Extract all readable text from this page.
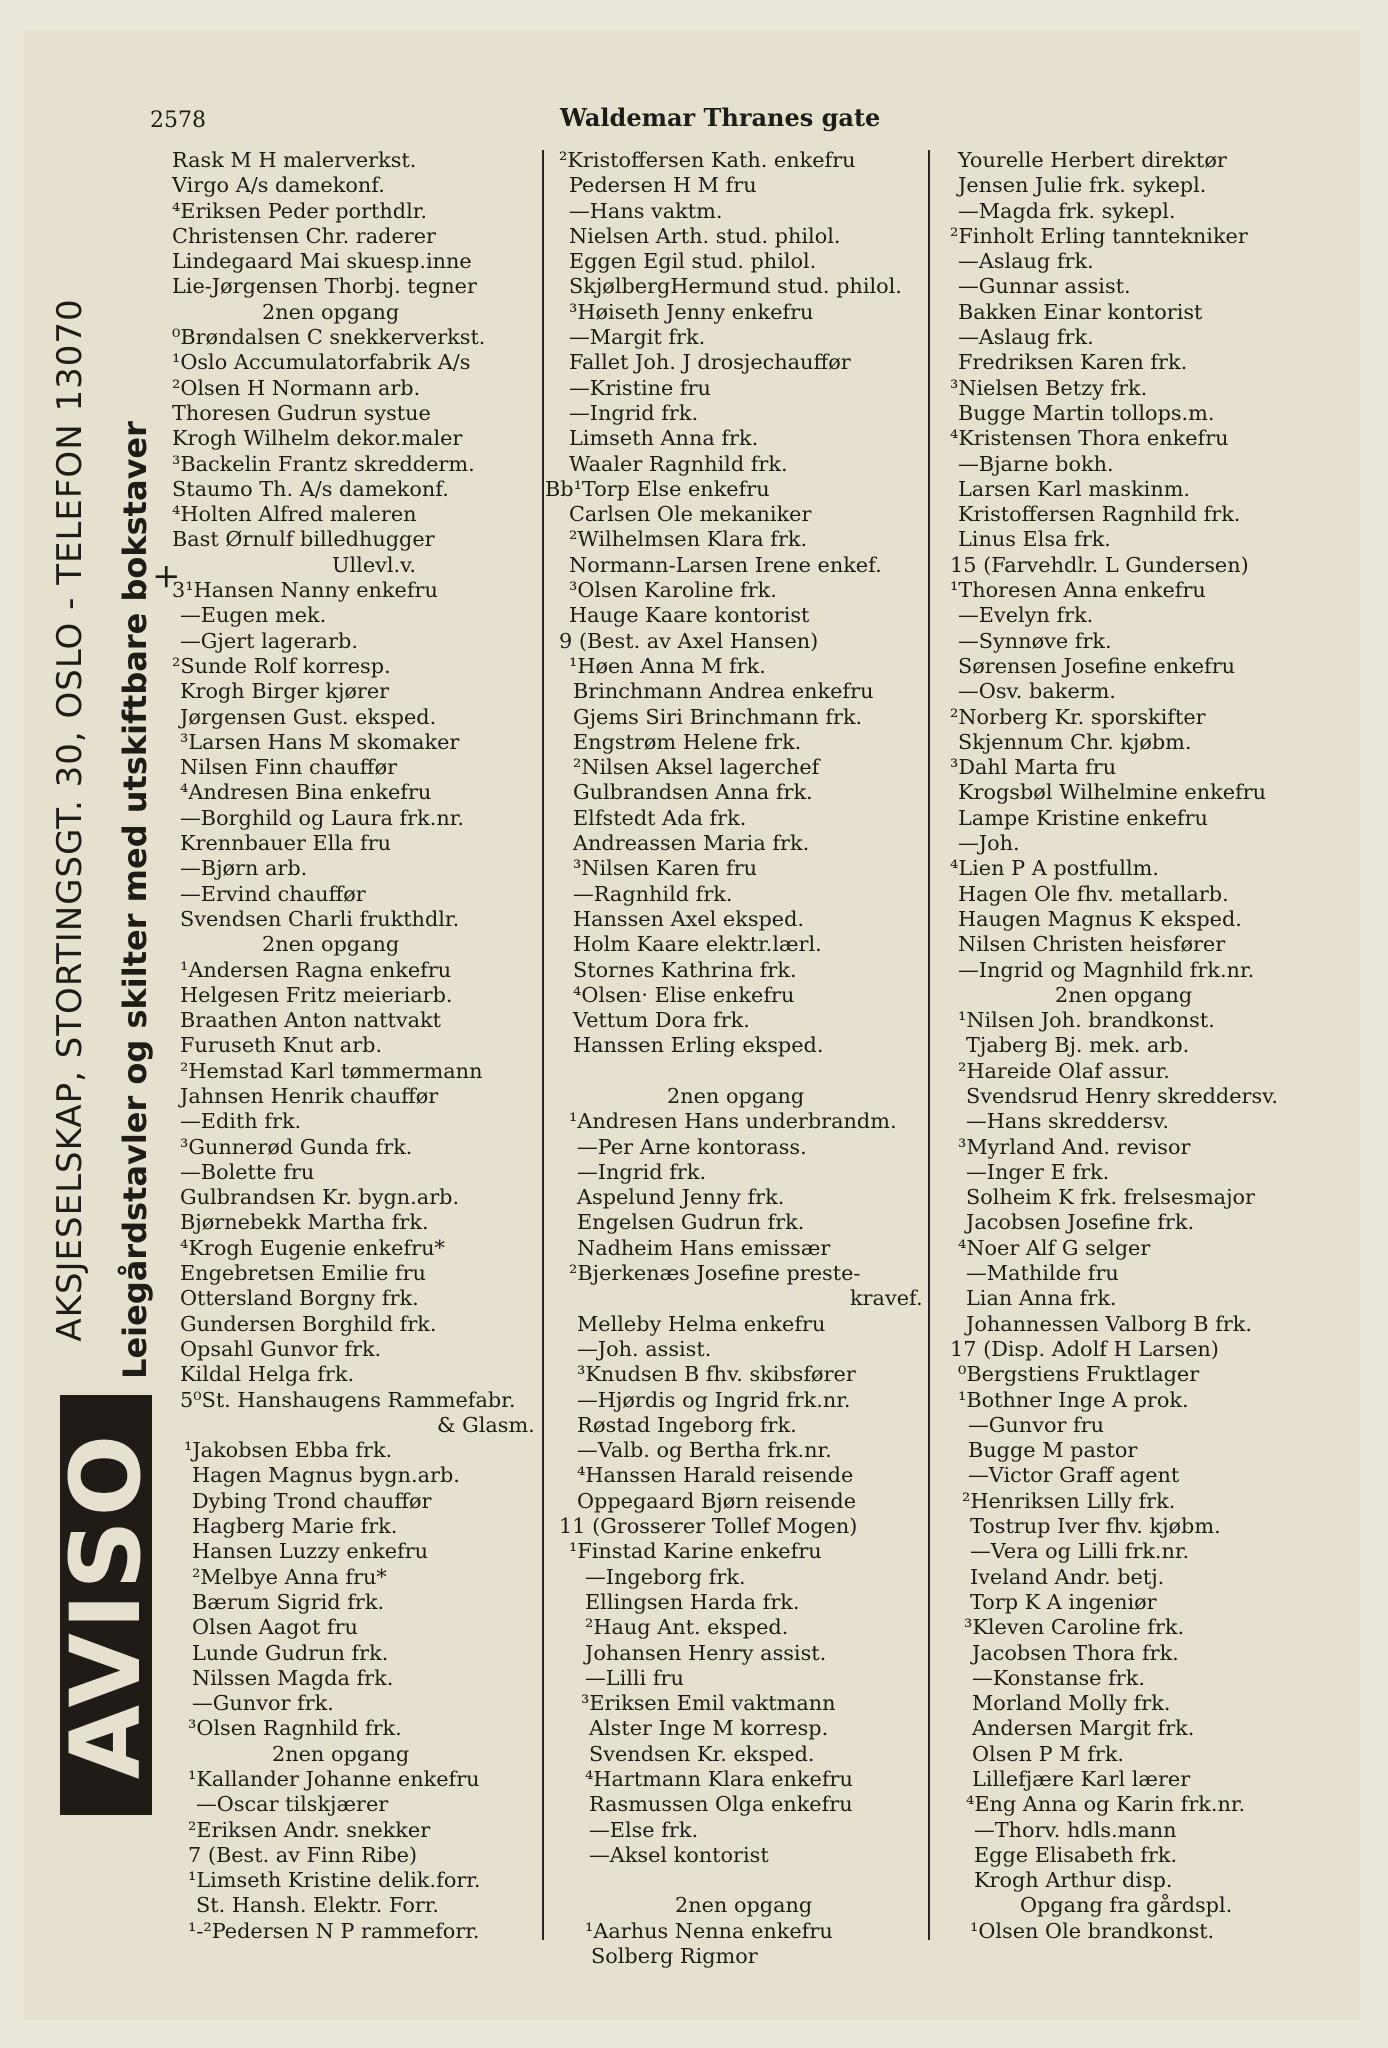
2578	Waldemar Thranes gate
AVISO
AKSJESELSKAP, STORTINGSGT. 30, OSLO - TELEFON 13070 Leiegårdstavler og skilter med utskiftbare bokstaver
+
Rask M H malerverkst.
Virgo A/s damekonf.
⁴Eriksen Peder porthdlr.
Christensen Chr. raderer
Lindegaard Mai skuesp.inne
Lie-Jørgensen Thorbj. tegner
2nen opgang
⁰Brøndalsen C snekkerverkst.
¹Oslo Accumulatorfabrik A/s
²Olsen H Normann arb.
Thoresen Gudrun systue
Krogh Wilhelm dekor.maler
³Backelin Frantz skredderm.
Staumo Th. A/s damekonf.
⁴Holten Alfred maleren
Bast Ørnulf billedhugger
Ullevl.v.
3¹Hansen Nanny enkefru
—Eugen mek.
—Gjert lagerarb.
²Sunde Rolf korresp.
Krogh Birger kjører
Jørgensen Gust. eksped.
³Larsen Hans M skomaker
Nilsen Finn chauffør
⁴Andresen Bina enkefru
—Borghild og Laura frk.nr.
Krennbauer Ella fru
—Bjørn arb.
—Ervind chauffør
Svendsen Charli frukthdlr.
2nen opgang
¹Andersen Ragna enkefru
Helgesen Fritz meieriarb.
Braathen Anton nattvakt
Furuseth Knut arb.
²Hemstad Karl tømmermann
Jahnsen Henrik chauffør
—Edith frk.
³Gunnerød Gunda frk.
—Bolette fru
Gulbrandsen Kr. bygn.arb.
Bjørnebekk Martha frk.
⁴Krogh Eugenie enkefru*
Engebretsen Emilie fru
Ottersland Borgny frk.
Gundersen Borghild frk.
Opsahl Gunvor frk.
Kildal Helga frk.
5⁰St. Hanshaugens Rammefabr.
& Glasm.
¹Jakobsen Ebba frk.
Hagen Magnus bygn.arb.
Dybing Trond chauffør
Hagberg Marie frk.
Hansen Luzzy enkefru
²Melbye Anna fru*
Bærum Sigrid frk.
Olsen Aagot fru
Lunde Gudrun frk.
Nilssen Magda frk.
—Gunvor frk.
³Olsen Ragnhild frk.
2nen opgang
¹Kallander Johanne enkefru
—Oscar tilskjærer
²Eriksen Andr. snekker
7 (Best. av Finn Ribe)
¹Limseth Kristine delik.forr.
St. Hansh. Elektr. Forr.
¹-²Pedersen N P rammeforr.
²Kristoffersen Kath. enkefru
Pedersen H M fru
—Hans vaktm.
Nielsen Arth. stud. philol.
Eggen Egil stud. philol.
SkjølbergHermund stud. philol.
³Høiseth Jenny enkefru
—Margit frk.
Fallet Joh. J drosjechauffør
—Kristine fru
—Ingrid frk.
Limseth Anna frk.
Waaler Ragnhild frk.
Bb¹Torp Else enkefru
Carlsen Ole mekaniker
²Wilhelmsen Klara frk.
Normann-Larsen Irene enkef.
³Olsen Karoline frk.
Hauge Kaare kontorist
9 (Best. av Axel Hansen)
¹Høen Anna M frk.
Brinchmann Andrea enkefru
Gjems Siri Brinchmann frk.
Engstrøm Helene frk.
²Nilsen Aksel lagerchef
Gulbrandsen Anna frk.
Elfstedt Ada frk.
Andreassen Maria frk.
³Nilsen Karen fru
—Ragnhild frk.
Hanssen Axel eksped.
Holm Kaare elektr.lærl.
Stornes Kathrina frk.
⁴Olsen· Elise enkefru
Vettum Dora frk.
Hanssen Erling eksped.
2nen opgang
¹Andresen Hans underbrandm.
—Per Arne kontorass.
—Ingrid frk.
Aspelund Jenny frk.
Engelsen Gudrun frk.
Nadheim Hans emissær
²Bjerkenæs Josefine preste-
kravef.
Melleby Helma enkefru
—Joh. assist.
³Knudsen B fhv. skibsfører
—Hjørdis og Ingrid frk.nr.
Røstad Ingeborg frk.
—Valb. og Bertha frk.nr.
⁴Hanssen Harald reisende
Oppegaard Bjørn reisende
11 (Grosserer Tollef Mogen)
¹Finstad Karine enkefru
—Ingeborg frk.
Ellingsen Harda frk.
²Haug Ant. eksped.
Johansen Henry assist.
—Lilli fru
³Eriksen Emil vaktmann
Alster Inge M korresp.
Svendsen Kr. eksped.
⁴Hartmann Klara enkefru
Rasmussen Olga enkefru
—Else frk.
—Aksel kontorist
2nen opgang
¹Aarhus Nenna enkefru
Solberg Rigmor
Yourelle Herbert direktør
Jensen Julie frk. sykepl.
—Magda frk. sykepl.
²Finholt Erling tanntekniker
—Aslaug frk.
—Gunnar assist.
Bakken Einar kontorist
—Aslaug frk.
Fredriksen Karen frk.
³Nielsen Betzy frk.
Bugge Martin tollops.m.
⁴Kristensen Thora enkefru
—Bjarne bokh.
Larsen Karl maskinm.
Kristoffersen Ragnhild frk.
Linus Elsa frk.
15 (Farvehdlr. L Gundersen)
¹Thoresen Anna enkefru
—Evelyn frk.
—Synnøve frk.
Sørensen Josefine enkefru
—Osv. bakerm.
²Norberg Kr. sporskifter
Skjennum Chr. kjøbm.
³Dahl Marta fru
Krogsbøl Wilhelmine enkefru
Lampe Kristine enkefru
—Joh.
⁴Lien P A postfullm.
Hagen Ole fhv. metallarb.
Haugen Magnus K eksped.
Nilsen Christen heisfører
—Ingrid og Magnhild frk.nr.
2nen opgang
¹Nilsen Joh. brandkonst.
Tjaberg Bj. mek. arb.
²Hareide Olaf assur.
Svendsrud Henry skreddersv.
—Hans skreddersv.
³Myrland And. revisor
—Inger E frk.
Solheim K frk. frelsesmajor
Jacobsen Josefine frk.
⁴Noer Alf G selger
—Mathilde fru
Lian Anna frk.
Johannessen Valborg B frk.
17 (Disp. Adolf H Larsen)
⁰Bergstiens Fruktlager
¹Bothner Inge A prok.
—Gunvor fru
Bugge M pastor
—Victor Graff agent
²Henriksen Lilly frk.
Tostrup Iver fhv. kjøbm.
—Vera og Lilli frk.nr.
Iveland Andr. betj.
Torp K A ingeniør
³Kleven Caroline frk.
Jacobsen Thora frk.
—Konstanse frk.
Morland Molly frk.
Andersen Margit frk.
Olsen P M frk.
Lillefjære Karl lærer
⁴Eng Anna og Karin frk.nr.
—Thorv. hdls.mann
Egge Elisabeth frk.
Krogh Arthur disp.
Opgang fra gårdspl.
¹Olsen Ole brandkonst.
